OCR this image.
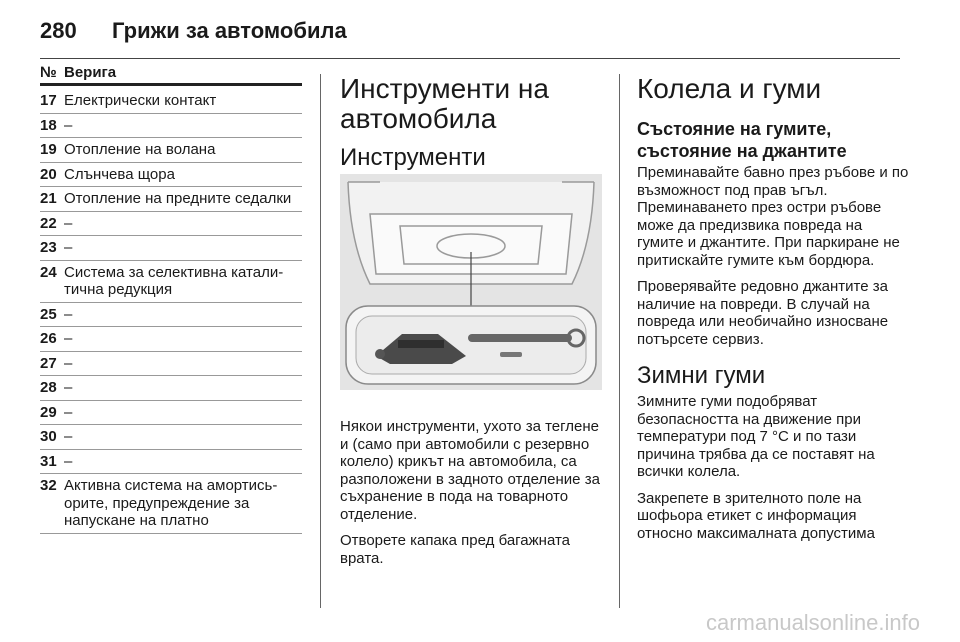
280 Грижи за автомобила
№ Верига
17 Електрически контакт
18 –
19 Отопление на волана
20 Слънчева щора
21 Отопление на предните седалки
22 –
23 –
24 Система за селективна катали‐ тична редукция
25 –
26 –
27 –
28 –
29 –
30 –
31 –
32 Активна система на амортись‐ орите, предупреждение за напускане на платно
Инструменти на автомобила
Инструменти

Някои инструменти, ухото за теглене и (само при автомобили с резервно колело) крикът на автомобила, са разположени в задното отделение за съхранение в пода на товарното отделение.

Отворете капака пред багажната врата.

Колела и гуми
Състояние на гумите, състояние на джантите

Преминавайте бавно през ръбове и по възможност под прав ъгъл. Преминаването през остри ръбове може да предизвика повреда на гумите и джантите. При паркиране не притискайте гумите към бордюра.

Проверявайте редовно джантите за наличие на повреди. В случай на повреда или необичайно износване потърсете сервиз.

Зимни гуми

Зимните гуми подобряват безопасността на движение при температури под 7 °C и по тази причина трябва да се поставят на всички колела.

Закрепете в зрителното поле на шофьора етикет с информация относно максималната допустима

carmanualsonline.info
